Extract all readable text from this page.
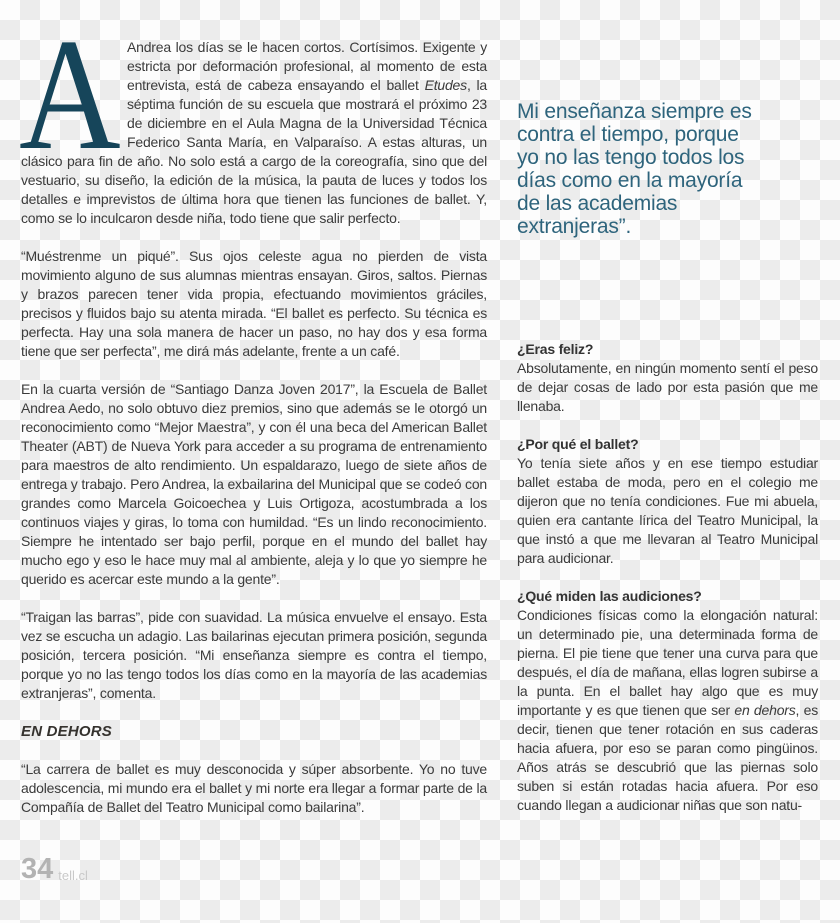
A Andrea los días se le hacen cortos. Cortísimos. Exigente y estricta por deformación profesional, al momento de esta entrevista, está de cabeza ensayando el ballet Etudes, la séptima función de su escuela que mostrará el próximo 23 de diciembre en el Aula Magna de la Universidad Técnica Federico Santa María, en Valparaíso. A estas alturas, un clásico para fin de año. No solo está a cargo de la coreografía, sino que del vestuario, su diseño, la edición de la música, la pauta de luces y todos los detalles e imprevistos de última hora que tienen las funciones de ballet. Y, como se lo inculcaron desde niña, todo tiene que salir perfecto.

“Muéstrenme un piqué”. Sus ojos celeste agua no pierden de vista movimiento alguno de sus alumnas mientras ensayan. Giros, saltos. Piernas y brazos parecen tener vida propia, efectuando movimientos gráciles, precisos y fluidos bajo su atenta mirada. “El ballet es perfecto. Su técnica es perfecta. Hay una sola manera de hacer un paso, no hay dos y esa forma tiene que ser perfecta”, me dirá más adelante, frente a un café.

En la cuarta versión de “Santiago Danza Joven 2017”, la Escuela de Ballet Andrea Aedo, no solo obtuvo diez premios, sino que además se le otorgó un reconocimiento como “Mejor Maestra”, y con él una beca del American Ballet Theater (ABT) de Nueva York para acceder a su programa de entrenamiento para maestros de alto rendimiento. Un espaldarazo, luego de siete años de entrega y trabajo. Pero Andrea, la exbailarina del Municipal que se codeó con grandes como Marcela Goicoechea y Luis Ortigoza, acostumbrada a los continuos viajes y giras, lo toma con humildad. “Es un lindo reconocimiento. Siempre he intentado ser bajo perfil, porque en el mundo del ballet hay mucho ego y eso le hace muy mal al ambiente, aleja y lo que yo siempre he querido es acercar este mundo a la gente”.

“Traigan las barras”, pide con suavidad. La música envuelve el ensayo. Esta vez se escucha un adagio. Las bailarinas ejecutan primera posición, segunda posición, tercera posición. “Mi enseñanza siempre es contra el tiempo, porque yo no las tengo todos los días como en la mayoría de las academias extranjeras”, comenta.

EN DEHORS

“La carrera de ballet es muy desconocida y súper absorbente. Yo no tuve adolescencia, mi mundo era el ballet y mi norte era llegar a formar parte de la Compañía de Ballet del Teatro Municipal como bailarina”.

Mi enseñanza siempre es contra el tiempo, porque yo no las tengo todos los días como en la mayoría de las academias extranjeras”.
¿Eras feliz?

Absolutamente, en ningún momento sentí el peso de dejar cosas de lado por esta pasión que me llenaba.

¿Por qué el ballet?

Yo tenía siete años y en ese tiempo estudiar ballet estaba de moda, pero en el colegio me dijeron que no tenía condiciones. Fue mi abuela, quien era cantante lírica del Teatro Municipal, la que instó a que me llevaran al Teatro Municipal para audicionar.

¿Qué miden las audiciones?

Condiciones físicas como la elongación natural: un determinado pie, una determinada forma de pierna. El pie tiene que tener una curva para que después, el día de mañana, ellas logren subirse a la punta. En el ballet hay algo que es muy importante y es que tienen que ser en dehors, es decir, tienen que tener rotación en sus caderas hacia afuera, por eso se paran como pingüinos. Años atrás se descubrió que las piernas solo suben si están rotadas hacia afuera. Por eso cuando llegan a audicionar niñas que son natu-

34 tell.cl
